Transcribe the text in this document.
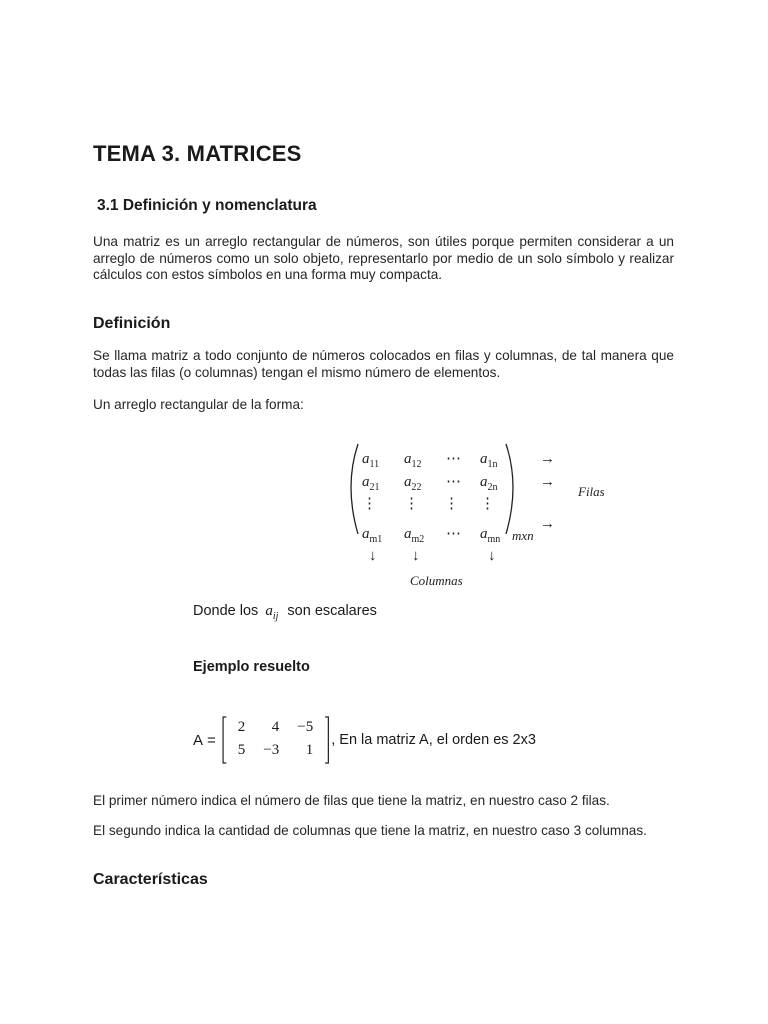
TEMA 3. MATRICES
3.1 Definición y nomenclatura

Una matriz es un arreglo rectangular de números, son útiles porque permiten considerar a un arreglo de números como un solo objeto, representarlo por medio de un solo símbolo y realizar cálculos con estos símbolos en una forma muy compacta.

Definición

Se llama matriz a todo conjunto de números colocados en filas y columnas, de tal manera que todas las filas (o columnas) tengan el mismo número de elementos.

Un arreglo rectangular de la forma:

$a_{11}$ $a_{12}$ ⋯ $a_{1n}$
$a_{21}$ $a_{22}$ ⋯ $a_{2n}$
⋮ ⋮ ⋮ ⋮
$a_{m1}$ $a_{m2}$ ⋯ $a_{mn}$ mxn
→
→
→
Filas
↓ ↓	↓
Columnas
Donde los $a_{ij}$ son escalares
Ejemplo resuelto
A =
2	4	−5
5	−3	1
, En la matriz A, el orden es 2x3

El primer número indica el número de filas que tiene la matriz, en nuestro caso 2 filas.

El segundo indica la cantidad de columnas que tiene la matriz, en nuestro caso 3 columnas.

Características
